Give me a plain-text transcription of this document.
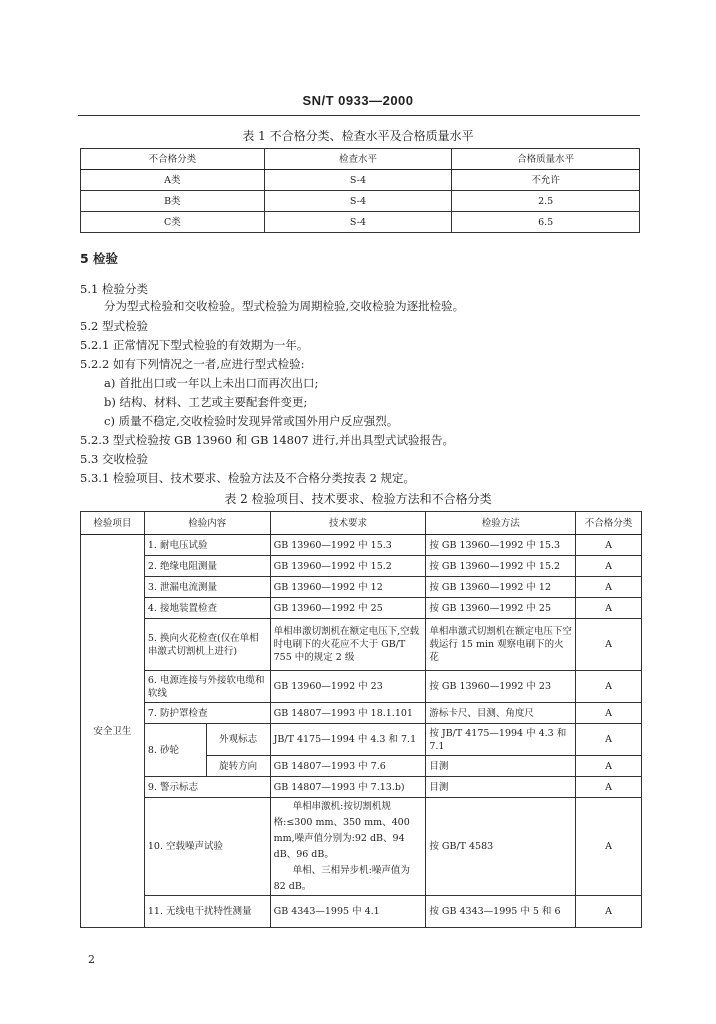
SN/T 0933—2000
表 1 不合格分类、检查水平及合格质量水平
不合格分类	检查水平	合格质量水平
A类	S-4	不允许
B类	S-4	2.5
C类	S-4	6.5
5 检验
5.1 检验分类
分为型式检验和交收检验。型式检验为周期检验,交收检验为逐批检验。
5.2 型式检验
5.2.1 正常情况下型式检验的有效期为一年。
5.2.2 如有下列情况之一者,应进行型式检验:
a) 首批出口或一年以上未出口而再次出口;
b) 结构、材料、工艺或主要配套件变更;
c) 质量不稳定,交收检验时发现异常或国外用户反应强烈。
5.2.3 型式检验按 GB 13960 和 GB 14807 进行,并出具型式试验报告。
5.3 交收检验
5.3.1 检验项目、技术要求、检验方法及不合格分类按表 2 规定。
表 2 检验项目、技术要求、检验方法和不合格分类
检验项目	检验内容		技术要求	检验方法	不合格分类
安全卫生	1. 耐电压试验		GB 13960—1992 中 15.3	按 GB 13960—1992 中 15.3	A
	2. 绝缘电阻测量		GB 13960—1992 中 15.2	按 GB 13960—1992 中 15.2	A
	3. 泄漏电流测量		GB 13960—1992 中 12	按 GB 13960—1992 中 12	A
	4. 接地装置检查		GB 13960—1992 中 25	按 GB 13960—1992 中 25	A
	5. 换向火花检查(仅在单相串激式切割机上进行)		单相串激切割机在额定电压下,空载时电刷下的火花应不大于 GB/T 755 中的规定 2 级	单相串激式切割机在额定电压下空载运行 15 min 观察电刷下的火花	A
	6. 电源连接与外接软电缆和软线		GB 13960—1992 中 23	按 GB 13960—1992 中 23	A
	7. 防护罩检查		GB 14807—1993 中 18.1.101	游标卡尺、目测、角度尺	A
	8. 砂轮	外观标志	JB/T 4175—1994 中 4.3 和 7.1	按 JB/T 4175—1994 中 4.3 和 7.1	A
		旋转方向	GB 14807—1993 中 7.6	目测	A
	9. 警示标志		GB 14807—1993 中 7.13.b)	目测	A
	10. 空载噪声试验		单相串激机:按切割机规格:≤300 mm、350 mm、400 mm,噪声值分别为:92 dB、94 dB、96 dB。
单相、三相异步机:噪声值为 82 dB。	按 GB/T 4583	A
	11. 无线电干扰特性测量		GB 4343—1995 中 4.1	按 GB 4343—1995 中 5 和 6	A
2
